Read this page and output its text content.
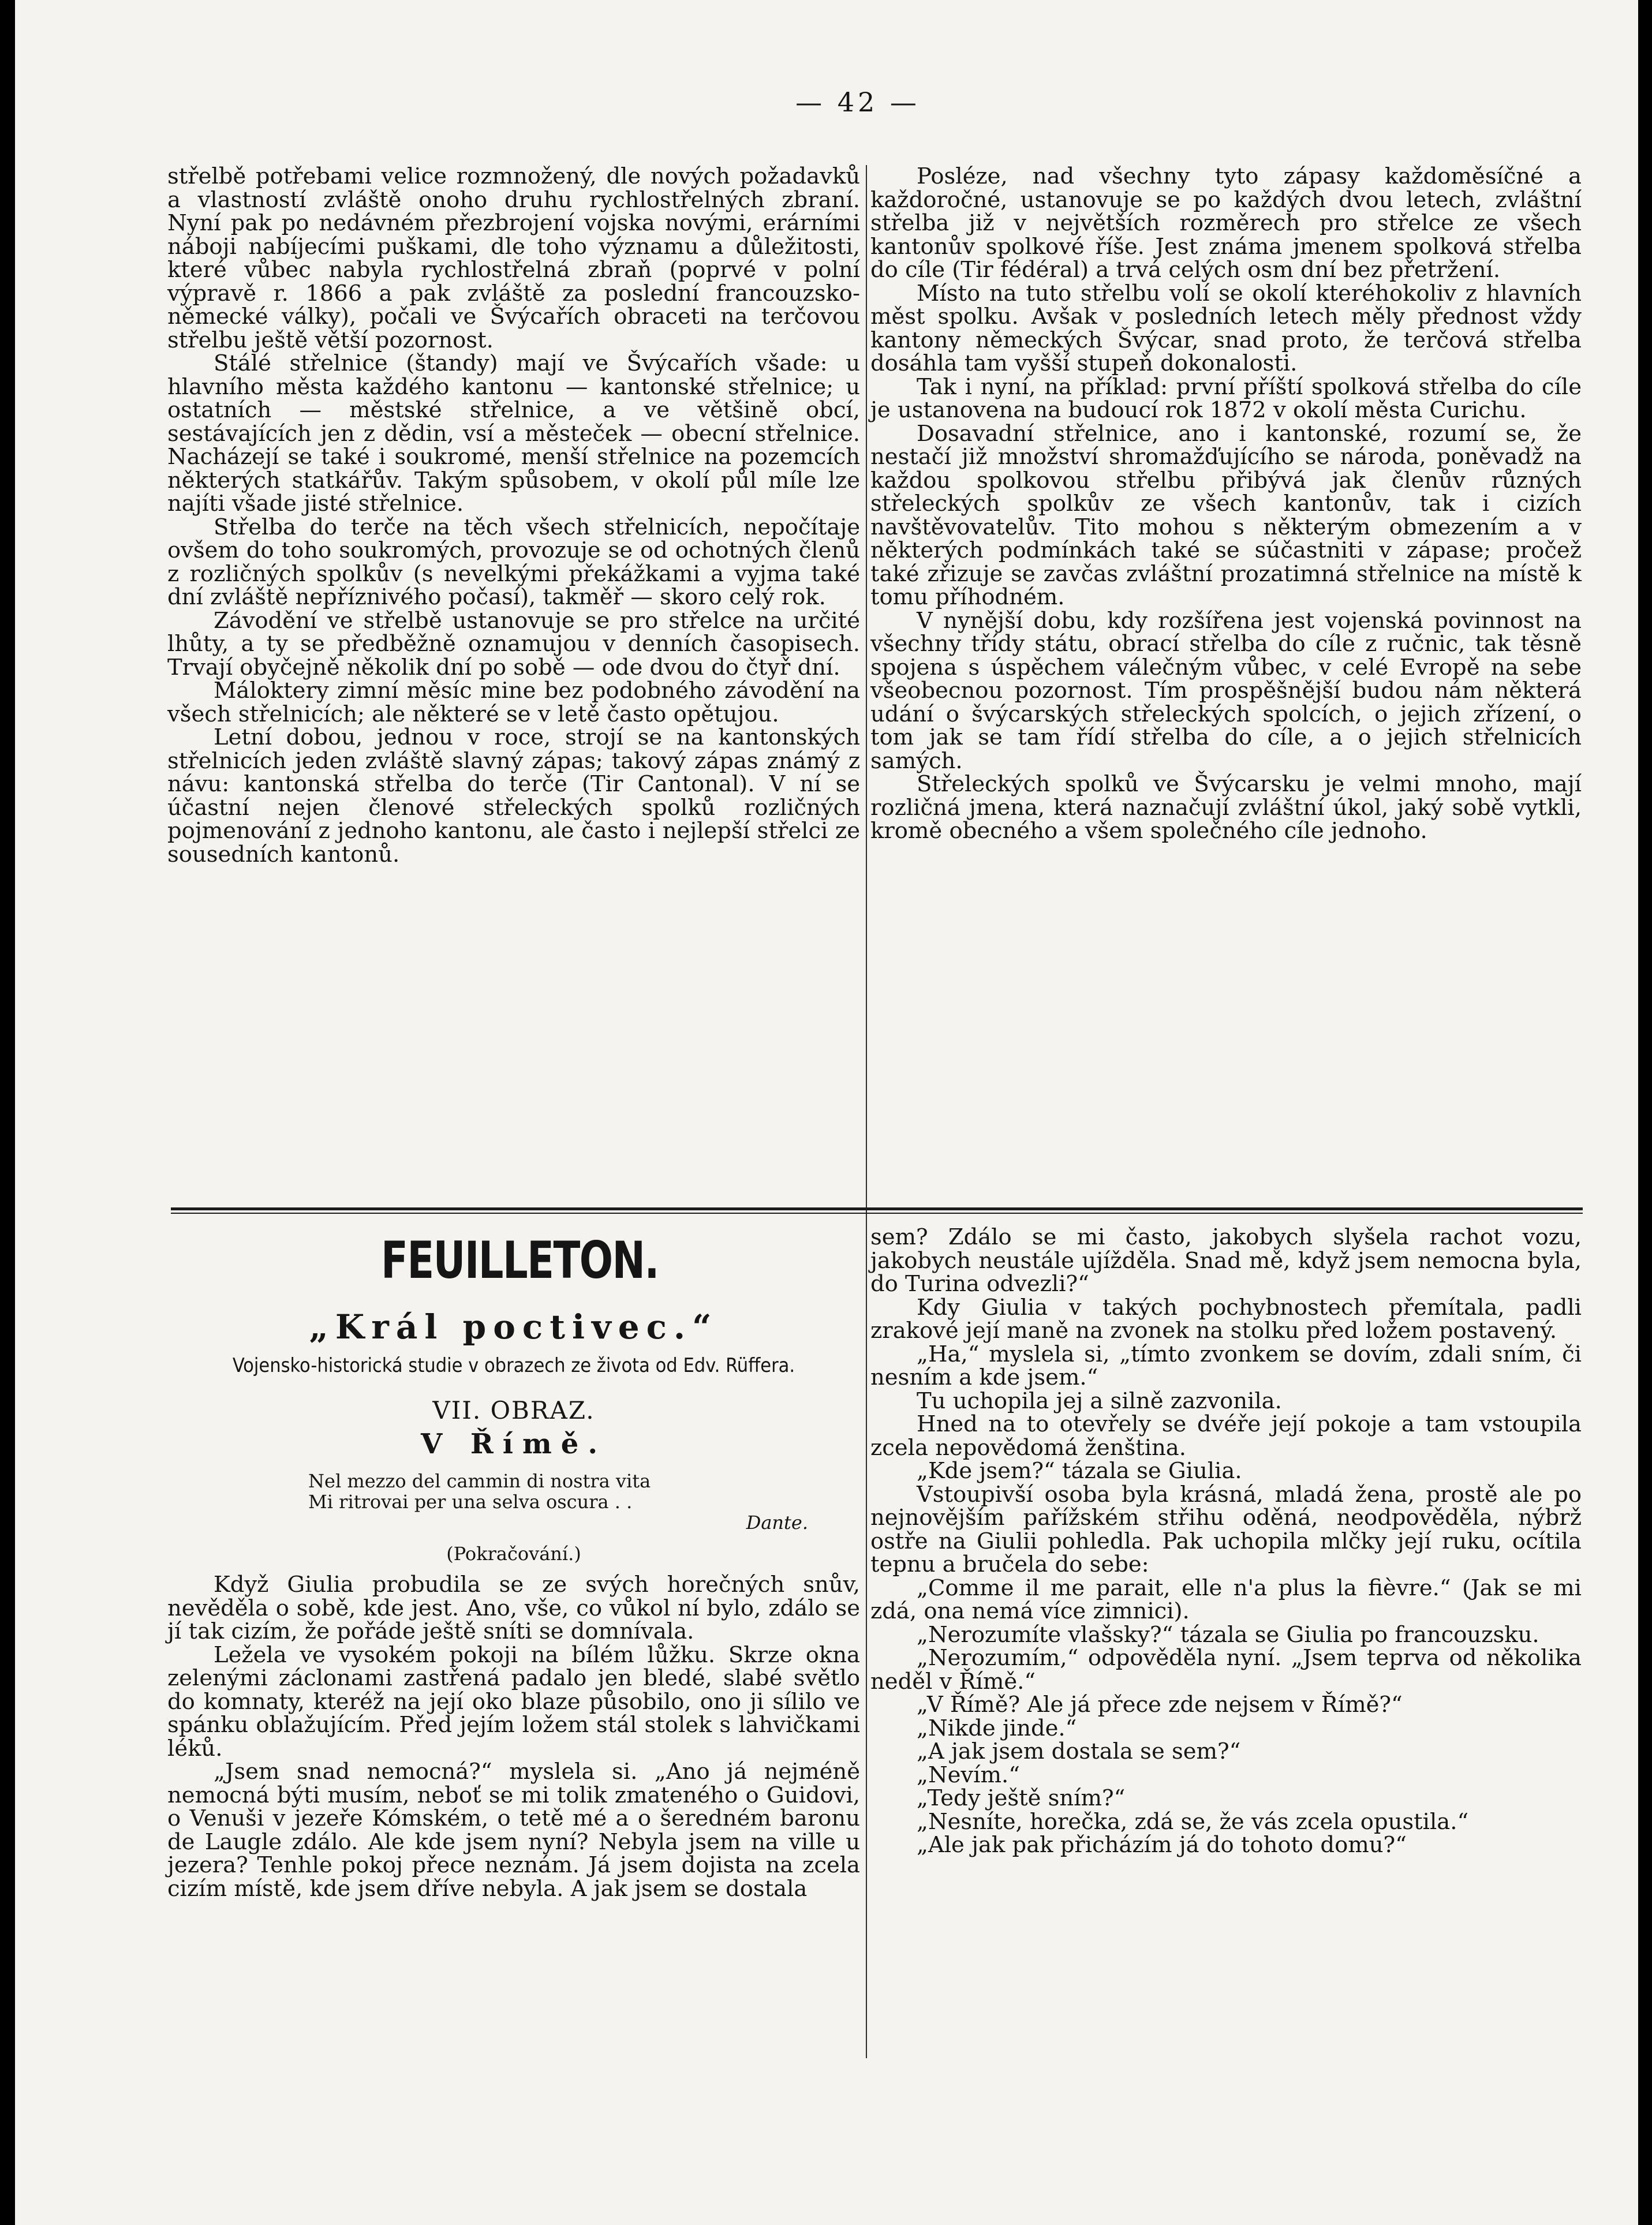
— 42 —

střelbě potřebami velice rozmnožený, dle nových požadavků a vlastností zvláště onoho druhu rychlostřelných zbraní. Nyní pak po nedávném přezbrojení vojska novými, erárními náboji nabíjecími puškami, dle toho významu a důležitosti, které vůbec nabyla rychlostřelná zbraň (poprvé v polní výpravě r. 1866 a pak zvláště za poslední francouzsko-německé války), počali ve Švýcařích obraceti na terčovou střelbu ještě větší pozornost.

Stálé střelnice (štandy) mají ve Švýcařích všade: u hlavního města každého kantonu — kantonské střelnice; u ostatních — městské střelnice, a ve většině obcí, sestávajících jen z dědin, vsí a městeček — obecní střelnice. Nacházejí se také i soukromé, menší střelnice na pozemcích některých statkářův. Takým spůsobem, v okolí půl míle lze najíti všade jisté střelnice.

Střelba do terče na těch všech střelnicích, nepočítaje ovšem do toho soukromých, provozuje se od ochotných členů z rozličných spolkův (s nevelkými překážkami a vyjma také dní zvláště nepříznivého počasí), takměř — skoro celý rok.

Závodění ve střelbě ustanovuje se pro střelce na určité lhůty, a ty se předběžně oznamujou v denních časopisech. Trvají obyčejně několik dní po sobě — ode dvou do čtyř dní.

Máloktery zimní měsíc mine bez podobného závodění na všech střelnicích; ale některé se v letě často opětujou.

Letní dobou, jednou v roce, strojí se na kantonských střelnicích jeden zvláště slavný zápas; takový zápas známý z návu: kantonská střelba do terče (Tir Cantonal). V ní se účastní nejen členové střeleckých spolků rozličných pojmenování z jednoho kantonu, ale často i nejlepší střelci ze sousedních kantonů.

Posléze, nad všechny tyto zápasy každoměsíčné a každoročné, ustanovuje se po každých dvou letech, zvláštní střelba již v největších rozměrech pro střelce ze všech kantonův spolkové říše. Jest známa jmenem spolková střelba do cíle (Tir fédéral) a trvá celých osm dní bez přetržení.

Místo na tuto střelbu volí se okolí kteréhokoliv z hlavních měst spolku. Avšak v posledních letech měly přednost vždy kantony německých Švýcar, snad proto, že terčová střelba dosáhla tam vyšší stupeň dokonalosti.

Tak i nyní, na příklad: první příští spolková střelba do cíle je ustanovena na budoucí rok 1872 v okolí města Curichu.

Dosavadní střelnice, ano i kantonské, rozumí se, že nestačí již množství shromažďujícího se národa, poněvadž na každou spolkovou střelbu přibývá jak členův různých střeleckých spolkův ze všech kantonův, tak i cizích navštěvovatelův. Tito mohou s některým obmezením a v některých podmínkách také se súčastniti v zápase; pročež také zřizuje se zavčas zvláštní prozatimná střelnice na místě k tomu příhodném.

V nynější dobu, kdy rozšířena jest vojenská povinnost na všechny třídy státu, obrací střelba do cíle z ručnic, tak těsně spojena s úspěchem válečným vůbec, v celé Evropě na sebe všeobecnou pozornost. Tím prospěšnější budou nám některá udání o švýcarských střeleckých spolcích, o jejich zřízení, o tom jak se tam řídí střelba do cíle, a o jejich střelnicích samých.

Střeleckých spolků ve Švýcarsku je velmi mnoho, mají rozličná jmena, která naznačují zvláštní úkol, jaký sobě vytkli, kromě obecného a všem společného cíle jednoho.

FEUILLETON.
„Král poctivec.“
Vojensko-historická studie v obrazech ze života od Edv. Rüffera.
VII. OBRAZ.
V Římě.
Nel mezzo del cammin di nostra vita
Mi ritrovai per una selva oscura . .
Dante.
(Pokračování.)

Když Giulia probudila se ze svých horečných snův, nevěděla o sobě, kde jest. Ano, vše, co vůkol ní bylo, zdálo se jí tak cizím, že pořáde ještě sníti se domnívala.

Ležela ve vysokém pokoji na bílém lůžku. Skrze okna zelenými záclonami zastřená padalo jen bledé, slabé světlo do komnaty, kteréž na její oko blaze působilo, ono ji sílilo ve spánku oblažujícím. Před jejím ložem stál stolek s lahvičkami léků.

„Jsem snad nemocná?“ myslela si. „Ano já nejméně nemocná býti musím, neboť se mi tolik zmateného o Guidovi, o Venuši v jezeře Kómském, o tetě mé a o šeredném baronu de Laugle zdálo. Ale kde jsem nyní? Nebyla jsem na ville u jezera? Tenhle pokoj přece neznám. Já jsem dojista na zcela cizím místě, kde jsem dříve nebyla. A jak jsem se dostala

sem? Zdálo se mi často, jakobych slyšela rachot vozu, jakobych neustále ujížděla. Snad mě, když jsem nemocna byla, do Turina odvezli?“

Kdy Giulia v takých pochybnostech přemítala, padli zrakové její maně na zvonek na stolku před ložem postavený.

„Ha,“ myslela si, „tímto zvonkem se dovím, zdali sním, či nesním a kde jsem.“

Tu uchopila jej a silně zazvonila.

Hned na to otevřely se dvéře její pokoje a tam vstoupila zcela nepovědomá ženština.

„Kde jsem?“ tázala se Giulia.

Vstoupivší osoba byla krásná, mladá žena, prostě ale po nejnovějším pařížském střihu oděná, neodpověděla, nýbrž ostře na Giulii pohledla. Pak uchopila mlčky její ruku, ocítila tepnu a bručela do sebe:

„Comme il me parait, elle n'a plus la fièvre.“ (Jak se mi zdá, ona nemá více zimnici).

„Nerozumíte vlašsky?“ tázala se Giulia po francouzsku.

„Nerozumím,“ odpověděla nyní. „Jsem teprva od několika neděl v Římě.“

„V Římě? Ale já přece zde nejsem v Římě?“

„Nikde jinde.“

„A jak jsem dostala se sem?“

„Nevím.“

„Tedy ještě sním?“

„Nesníte, horečka, zdá se, že vás zcela opustila.“

„Ale jak pak přicházím já do tohoto domu?“
